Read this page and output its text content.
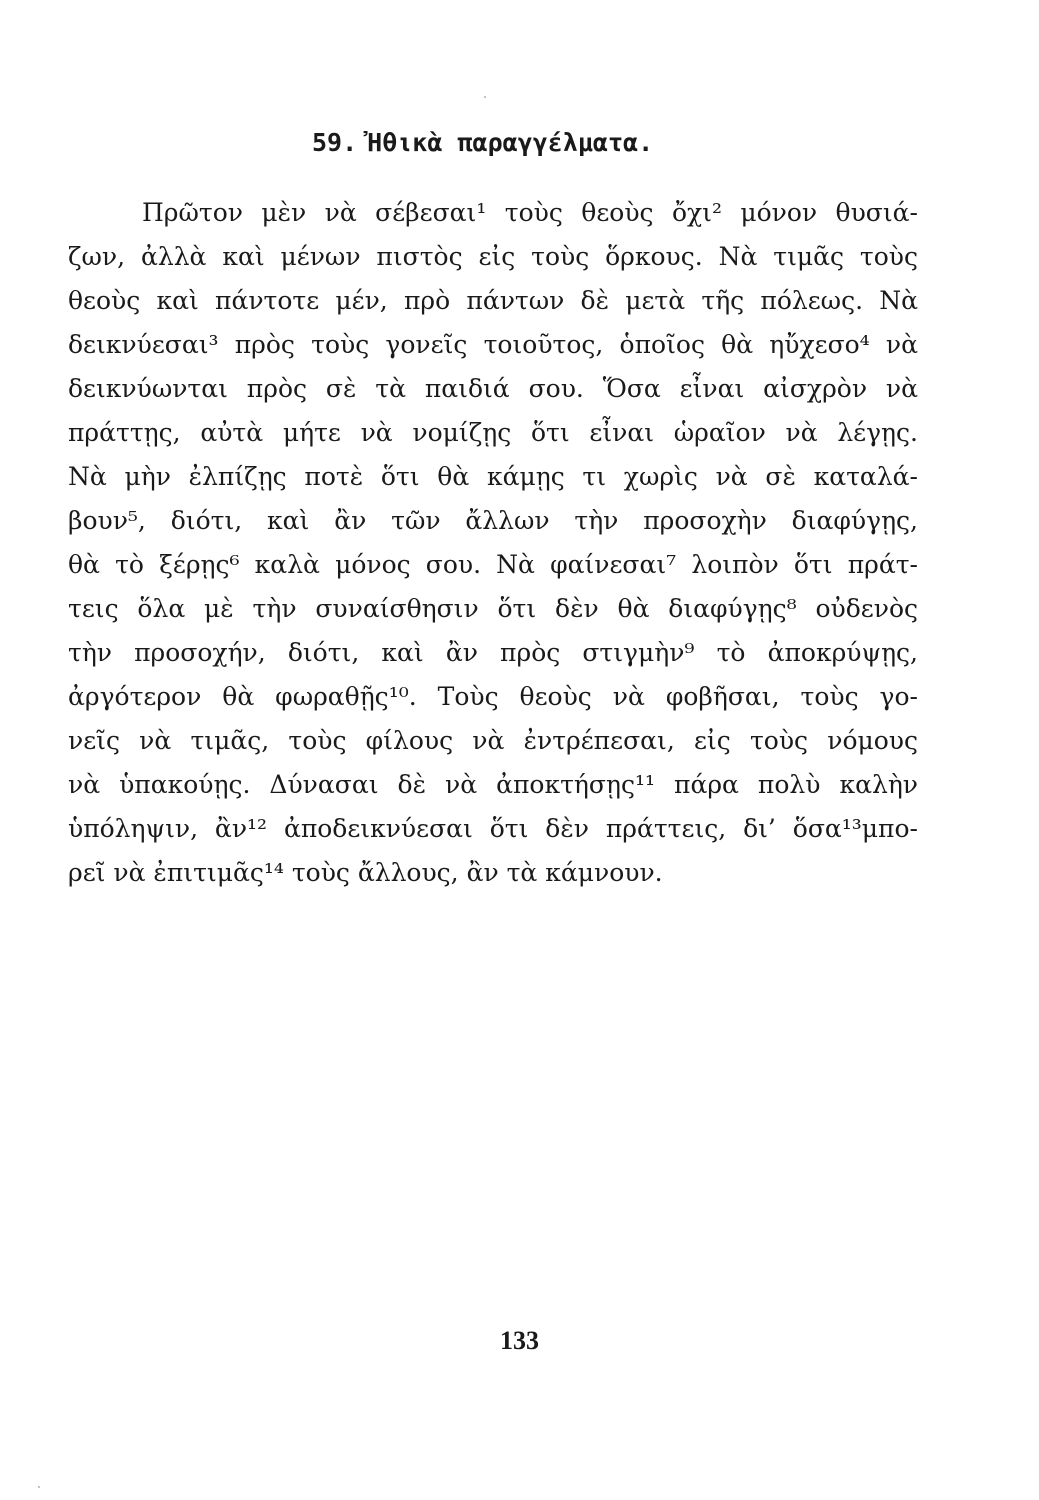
59. Ἠθικὰ παραγγέλματα.
Πρῶτον μὲν νὰ σέβεσαι¹ τοὺς θεοὺς ὄχι² μόνον θυσιά-
ζων, ἀλλὰ καὶ μένων πιστὸς εἰς τοὺς ὅρκους. Νὰ τιμᾶς τοὺς
θεοὺς καὶ πάντοτε μέν, πρὸ πάντων δὲ μετὰ τῆς πόλεως. Νὰ
δεικνύεσαι³ πρὸς τοὺς γονεῖς τοιοῦτος, ὁποῖος θὰ ηὔχεσο⁴ νὰ
δεικνύωνται πρὸς σὲ τὰ παιδιά σου. Ὅσα εἶναι αἰσχρὸν νὰ
πράττῃς, αὐτὰ μήτε νὰ νομίζῃς ὅτι εἶναι ὡραῖον νὰ λέγῃς.
Νὰ μὴν ἐλπίζῃς ποτὲ ὅτι θὰ κάμῃς τι χωρὶς νὰ σὲ καταλά-
βουν⁵, διότι, καὶ ἂν τῶν ἄλλων τὴν προσοχὴν διαφύγῃς,
θὰ τὸ ξέρῃς⁶ καλὰ μόνος σου. Νὰ φαίνεσαι⁷ λοιπὸν ὅτι πράτ-
τεις ὅλα μὲ τὴν συναίσθησιν ὅτι δὲν θὰ διαφύγῃς⁸ οὐδενὸς
τὴν προσοχήν, διότι, καὶ ἂν πρὸς στιγμὴν⁹ τὸ ἀποκρύψῃς,
ἀργότερον θὰ φωραθῇς¹⁰. Τοὺς θεοὺς νὰ φοβῆσαι, τοὺς γο-
νεῖς νὰ τιμᾶς, τοὺς φίλους νὰ ἐντρέπεσαι, εἰς τοὺς νόμους
νὰ ὑπακούῃς. Δύνασαι δὲ νὰ ἀποκτήσῃς¹¹ πάρα πολὺ καλὴν
ὑπόληψιν, ἂν¹² ἀποδεικνύεσαι ὅτι δὲν πράττεις, δι’ ὅσα¹³μπο-
ρεῖ νὰ ἐπιτιμᾶς¹⁴ τοὺς ἄλλους, ἂν τὰ κάμνουν.
133
